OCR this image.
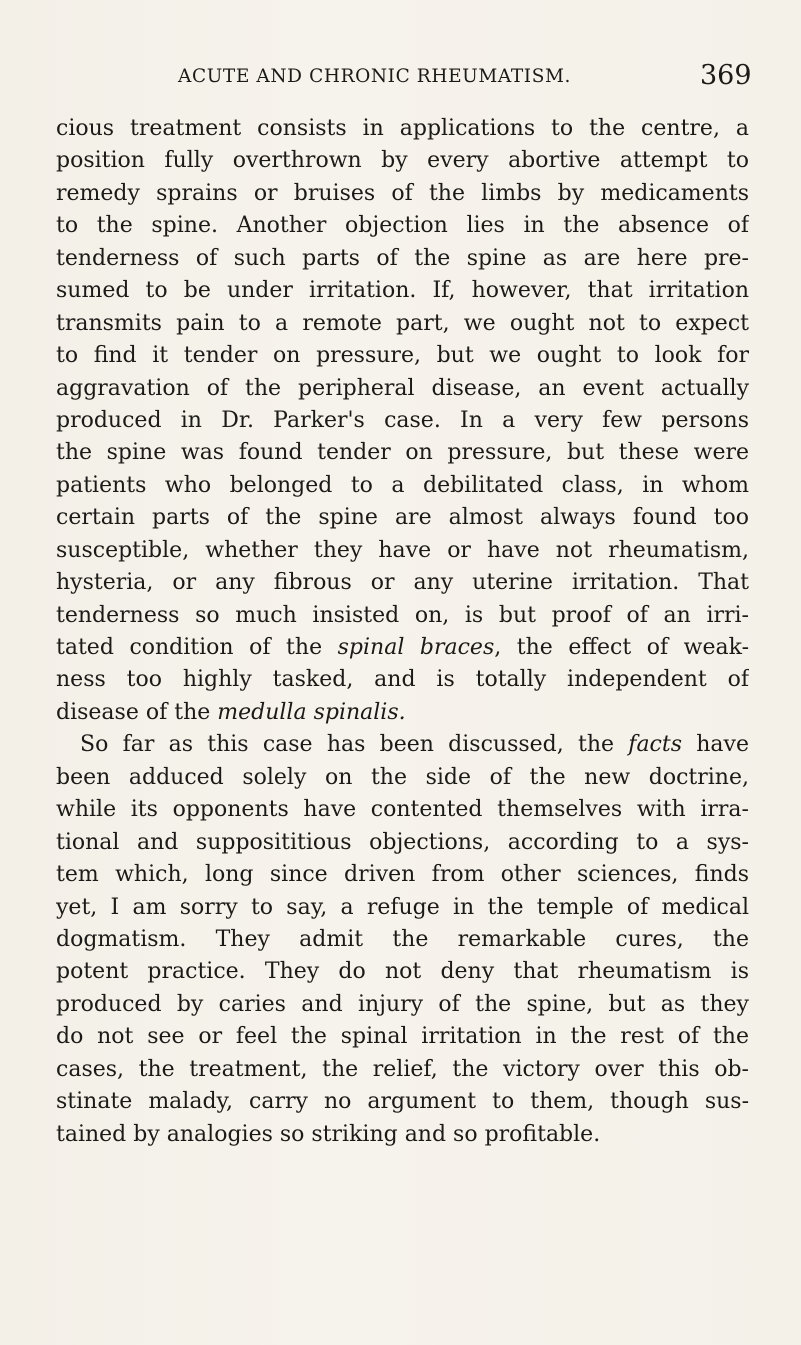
ACUTE AND CHRONIC RHEUMATISM.	369
cious treatment consists in applications to the centre, a
position fully overthrown by every abortive attempt to
remedy sprains or bruises of the limbs by medicaments
to the spine. Another objection lies in the absence of
tenderness of such parts of the spine as are here pre-
sumed to be under irritation. If, however, that irritation
transmits pain to a remote part, we ought not to expect
to find it tender on pressure, but we ought to look for
aggravation of the peripheral disease, an event actually
produced in Dr. Parker's case. In a very few persons
the spine was found tender on pressure, but these were
patients who belonged to a debilitated class, in whom
certain parts of the spine are almost always found too
susceptible, whether they have or have not rheumatism,
hysteria, or any fibrous or any uterine irritation. That
tenderness so much insisted on, is but proof of an irri-
tated condition of the spinal braces, the effect of weak-
ness too highly tasked, and is totally independent of
disease of the medulla spinalis.
So far as this case has been discussed, the facts have
been adduced solely on the side of the new doctrine,
while its opponents have contented themselves with irra-
tional and supposititious objections, according to a sys-
tem which, long since driven from other sciences, finds
yet, I am sorry to say, a refuge in the temple of medical
dogmatism. They admit the remarkable cures, the
potent practice. They do not deny that rheumatism is
produced by caries and injury of the spine, but as they
do not see or feel the spinal irritation in the rest of the
cases, the treatment, the relief, the victory over this ob-
stinate malady, carry no argument to them, though sus-
tained by analogies so striking and so profitable.
